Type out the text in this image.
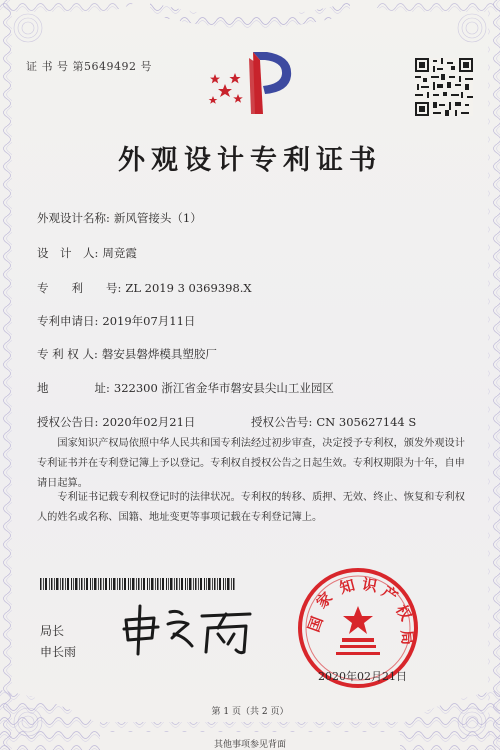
证 书 号 第5649492 号
外观设计专利证书
外观设计名称: 新风管接头（1）
设　计　人: 周竞霞
专　　利　　号: ZL 2019 3 0369398.X
专利申请日: 2019年07月11日
专 利 权 人: 磐安县磐烨模具塑胶厂
地　　　　址: 322300 浙江省金华市磐安县尖山工业园区
授权公告日: 2020年02月21日	授权公告号: CN 305627144 S
国家知识产权局依照中华人民共和国专利法经过初步审查，决定授予专利权，颁发外观设计专利证书并在专利登记簿上予以登记。专利权自授权公告之日起生效。专利权期限为十年，自申请日起算。
专利证书记载专利权登记时的法律状况。专利权的转移、质押、无效、终止、恢复和专利权人的姓名或名称、国籍、地址变更等事项记载在专利登记簿上。
局长
申长雨
国
家
知 识 产
权
局
2020年02月21日
第 1 页（共 2 页）
其他事项参见背面
